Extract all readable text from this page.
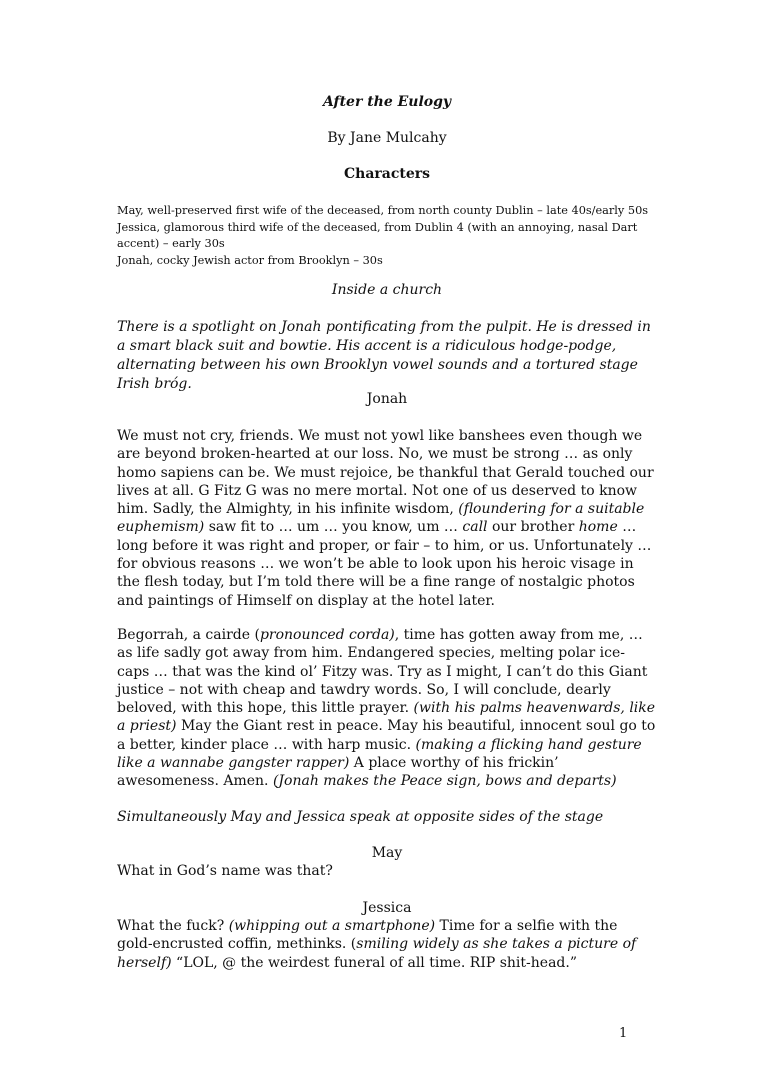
After the Eulogy
By Jane Mulcahy
Characters
May, well-preserved first wife of the deceased, from north county Dublin – late 40s/early 50s
Jessica, glamorous third wife of the deceased, from Dublin 4 (with an annoying, nasal Dart accent) – early 30s
Jonah, cocky Jewish actor from Brooklyn – 30s
Inside a church
There is a spotlight on Jonah pontificating from the pulpit. He is dressed in a smart black suit and bowtie. His accent is a ridiculous hodge-podge, alternating between his own Brooklyn vowel sounds and a tortured stage Irish bróg.
Jonah
We must not cry, friends. We must not yowl like banshees even though we are beyond broken-hearted at our loss. No, we must be strong … as only homo sapiens can be. We must rejoice, be thankful that Gerald touched our lives at all. G Fitz G was no mere mortal. Not one of us deserved to know him. Sadly, the Almighty, in his infinite wisdom, (floundering for a suitable euphemism) saw fit to … um … you know, um … call our brother home … long before it was right and proper, or fair – to him, or us. Unfortunately … for obvious reasons … we won’t be able to look upon his heroic visage in the flesh today, but I’m told there will be a fine range of nostalgic photos and paintings of Himself on display at the hotel later.
Begorrah, a cairde (pronounced corda), time has gotten away from me, … as life sadly got away from him. Endangered species, melting polar ice-caps … that was the kind ol’ Fitzy was. Try as I might, I can’t do this Giant justice – not with cheap and tawdry words. So, I will conclude, dearly beloved, with this hope, this little prayer. (with his palms heavenwards, like a priest) May the Giant rest in peace. May his beautiful, innocent soul go to a better, kinder place … with harp music. (making a flicking hand gesture like a wannabe gangster rapper) A place worthy of his frickin’ awesomeness. Amen. (Jonah makes the Peace sign, bows and departs)
Simultaneously May and Jessica speak at opposite sides of the stage
May
What in God’s name was that?
Jessica
What the fuck? (whipping out a smartphone) Time for a selfie with the gold-encrusted coffin, methinks. (smiling widely as she takes a picture of herself) “LOL, @ the weirdest funeral of all time. RIP shit-head.”
1
